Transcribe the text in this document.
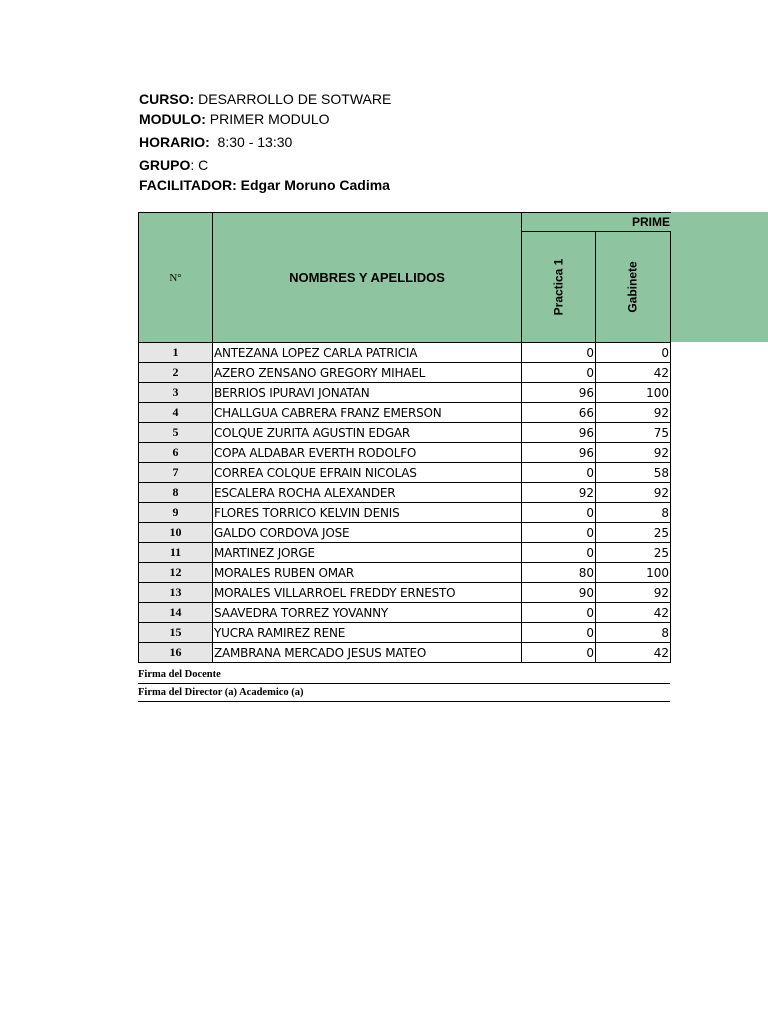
CURSO: DESARROLLO DE SOTWARE
MODULO: PRIMER MODULO
HORARIO:  8:30 - 13:30
GRUPO: C
FACILITADOR: Edgar Moruno Cadima
N°	NOMBRES Y APELLIDOS	PRIME	
		Practica 1	Gabinete
1	ANTEZANA LOPEZ CARLA PATRICIA	0	0
2	AZERO ZENSANO GREGORY MIHAEL	0	42
3	BERRIOS IPURAVI JONATAN	96	100
4	CHALLGUA CABRERA FRANZ EMERSON	66	92
5	COLQUE ZURITA AGUSTIN EDGAR	96	75
6	COPA ALDABAR EVERTH RODOLFO	96	92
7	CORREA COLQUE EFRAIN NICOLAS	0	58
8	ESCALERA ROCHA ALEXANDER	92	92
9	FLORES TORRICO KELVIN DENIS	0	8
10	GALDO CORDOVA JOSE	0	25
11	MARTINEZ JORGE	0	25
12	MORALES RUBEN OMAR	80	100
13	MORALES VILLARROEL FREDDY ERNESTO	90	92
14	SAAVEDRA TORREZ YOVANNY	0	42
15	YUCRA RAMIREZ RENE	0	8
16	ZAMBRANA MERCADO JESUS MATEO	0	42
Firma del Docente
Firma del Director (a) Academico (a)
